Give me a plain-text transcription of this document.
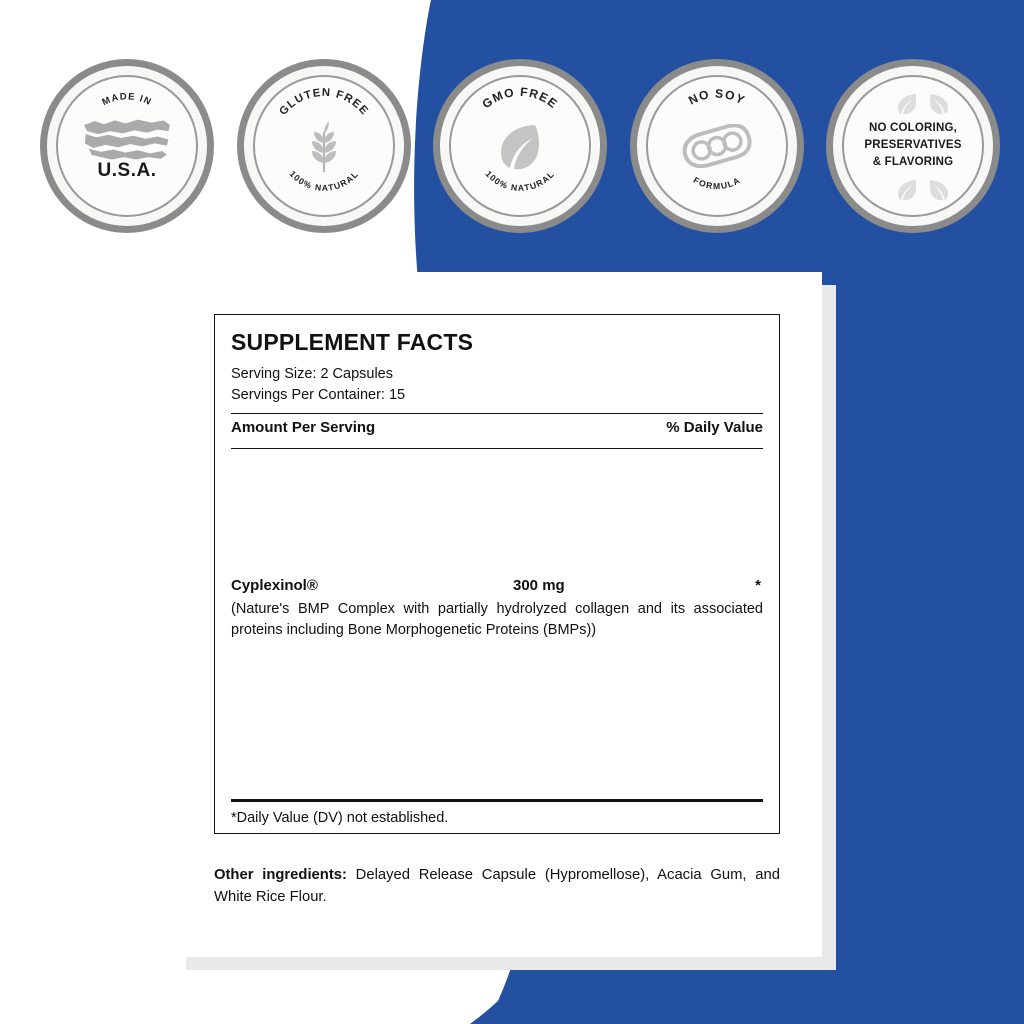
MADE IN
U.S.A.
GLUTEN FREE
100% NATURAL
GMO FREE
100% NATURAL
NO SOY
FORMULA
NO COLORING,
PRESERVATIVES
& FLAVORING
SUPPLEMENT FACTS
Serving Size: 2 Capsules
Servings Per Container: 15
Amount Per Serving	% Daily Value
Cyplexinol®	300 mg	*
(Nature's BMP Complex with partially hydrolyzed collagen and its associated proteins including Bone Morphogenetic Proteins (BMPs))
*Daily Value (DV) not established.
Other ingredients: Delayed Release Capsule (Hypromellose), Acacia Gum, and White Rice Flour.
